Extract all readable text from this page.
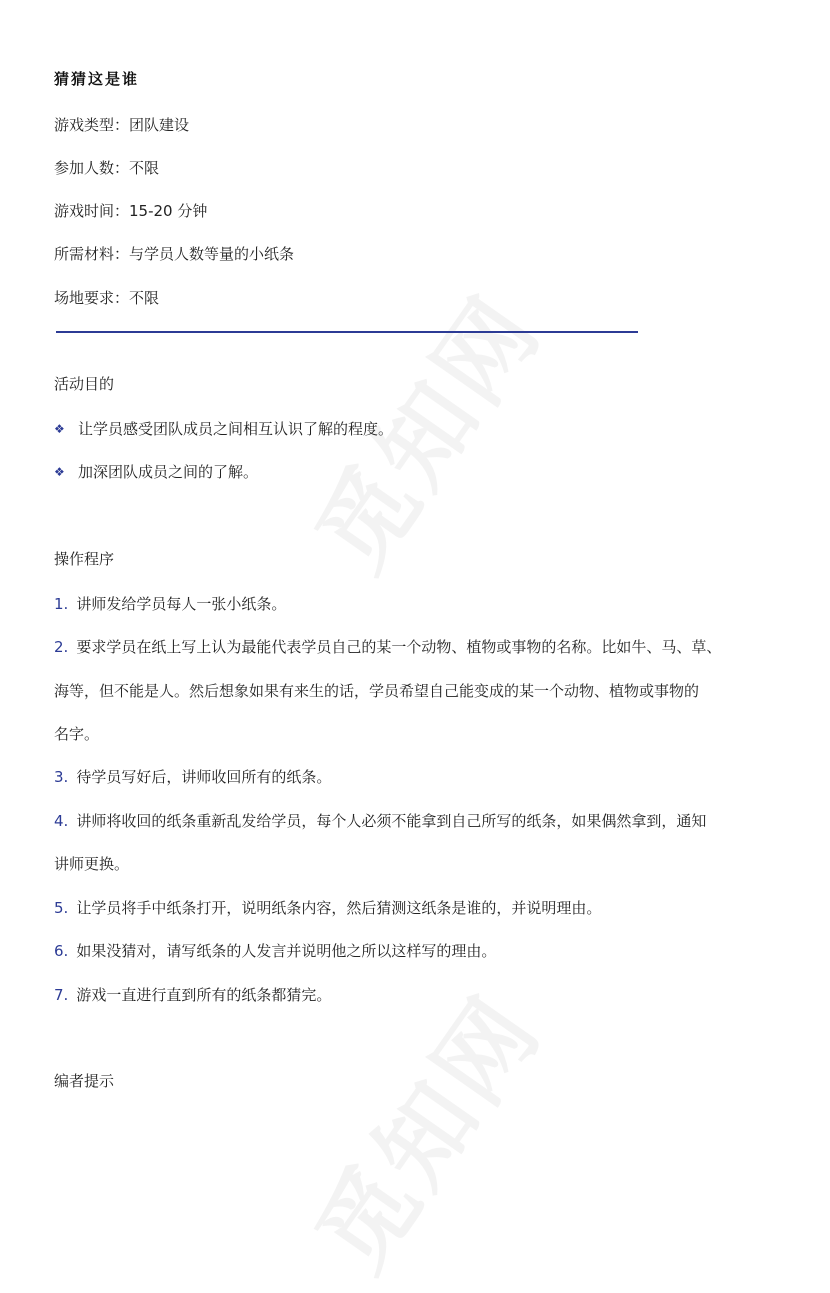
猜猜这是谁
游戏类型：团队建设
参加人数：不限
游戏时间：15-20 分钟
所需材料：与学员人数等量的小纸条
场地要求：不限
活动目的
❖ 让学员感受团队成员之间相互认识了解的程度。
❖ 加深团队成员之间的了解。
操作程序
1. 讲师发给学员每人一张小纸条。
2. 要求学员在纸上写上认为最能代表学员自己的某一个动物、植物或事物的名称。比如牛、马、草、
海等，但不能是人。然后想象如果有来生的话，学员希望自己能变成的某一个动物、植物或事物的
名字。
3. 待学员写好后，讲师收回所有的纸条。
4. 讲师将收回的纸条重新乱发给学员，每个人必须不能拿到自己所写的纸条，如果偶然拿到，通知
讲师更换。
5. 让学员将手中纸条打开，说明纸条内容，然后猜测这纸条是谁的，并说明理由。
6. 如果没猜对，请写纸条的人发言并说明他之所以这样写的理由。
7. 游戏一直进行直到所有的纸条都猜完。
编者提示
